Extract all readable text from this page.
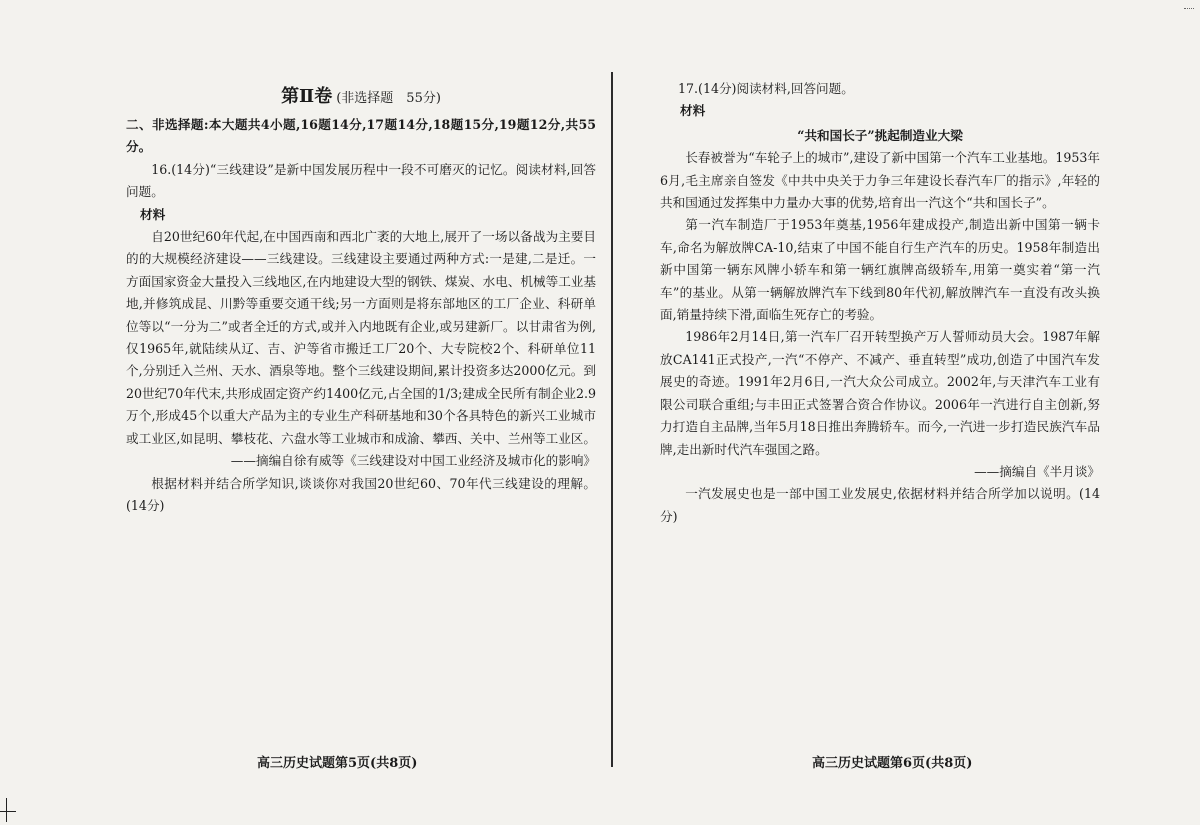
第Ⅱ卷 (非选择题　55分)

二、非选择题:本大题共4小题,16题14分,17题14分,18题15分,19题12分,共55分。

16.(14分)“三线建设”是新中国发展历程中一段不可磨灭的记忆。阅读材料,回答问题。

材料

自20世纪60年代起,在中国西南和西北广袤的大地上,展开了一场以备战为主要目的的大规模经济建设——三线建设。三线建设主要通过两种方式:一是建,二是迁。一方面国家资金大量投入三线地区,在内地建设大型的钢铁、煤炭、水电、机械等工业基地,并修筑成昆、川黔等重要交通干线;另一方面则是将东部地区的工厂企业、科研单位等以“一分为二”或者全迁的方式,或并入内地既有企业,或另建新厂。以甘肃省为例,仅1965年,就陆续从辽、吉、沪等省市搬迁工厂20个、大专院校2个、科研单位11个,分别迁入兰州、天水、酒泉等地。整个三线建设期间,累计投资多达2000亿元。到20世纪70年代末,共形成固定资产约1400亿元,占全国的1/3;建成全民所有制企业2.9万个,形成45个以重大产品为主的专业生产科研基地和30个各具特色的新兴工业城市或工业区,如昆明、攀枝花、六盘水等工业城市和成渝、攀西、关中、兰州等工业区。

——摘编自徐有威等《三线建设对中国工业经济及城市化的影响》

根据材料并结合所学知识,谈谈你对我国20世纪60、70年代三线建设的理解。(14分)

17.(14分)阅读材料,回答问题。

材料

“共和国长子”挑起制造业大梁

长春被誉为“车轮子上的城市”,建设了新中国第一个汽车工业基地。1953年6月,毛主席亲自签发《中共中央关于力争三年建设长春汽车厂的指示》,年轻的共和国通过发挥集中力量办大事的优势,培育出一汽这个“共和国长子”。

第一汽车制造厂于1953年奠基,1956年建成投产,制造出新中国第一辆卡车,命名为解放牌CA-10,结束了中国不能自行生产汽车的历史。1958年制造出新中国第一辆东风牌小轿车和第一辆红旗牌高级轿车,用第一奠实着“第一汽车”的基业。从第一辆解放牌汽车下线到80年代初,解放牌汽车一直没有改头换面,销量持续下滑,面临生死存亡的考验。

1986年2月14日,第一汽车厂召开转型换产万人誓师动员大会。1987年解放CA141正式投产,一汽“不停产、不减产、垂直转型”成功,创造了中国汽车发展史的奇迹。1991年2月6日,一汽大众公司成立。2002年,与天津汽车工业有限公司联合重组;与丰田正式签署合资合作协议。2006年一汽进行自主创新,努力打造自主品牌,当年5月18日推出奔腾轿车。而今,一汽进一步打造民族汽车品牌,走出新时代汽车强国之路。

——摘编自《半月谈》

一汽发展史也是一部中国工业发展史,依据材料并结合所学加以说明。(14分)

高三历史试题第5页(共8页)	高三历史试题第6页(共8页)
